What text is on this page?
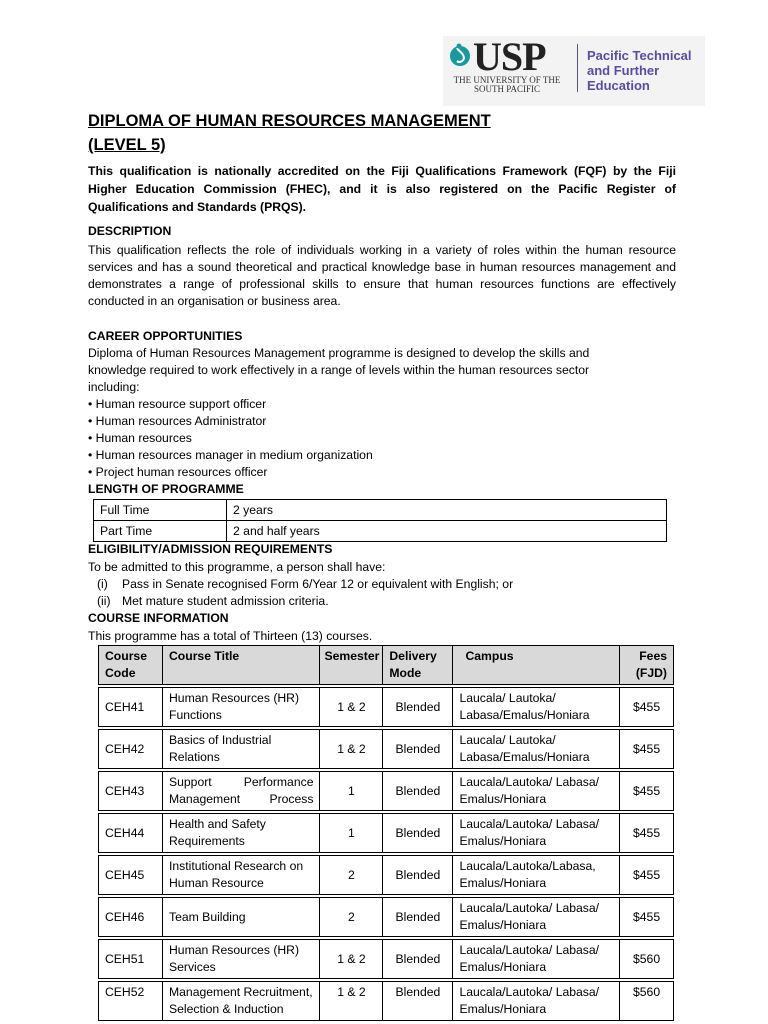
USP
THE UNIVERSITY OF THE SOUTH PACIFIC
Pacific Technical and Further Education
DIPLOMA OF HUMAN RESOURCES MANAGEMENT
(LEVEL 5)
This qualification is nationally accredited on the Fiji Qualifications Framework (FQF) by the Fiji Higher Education Commission (FHEC), and it is also registered on the Pacific Register of Qualifications and Standards (PRQS).
DESCRIPTION
This qualification reflects the role of individuals working in a variety of roles within the human resource services and has a sound theoretical and practical knowledge base in human resources management and demonstrates a range of professional skills to ensure that human resources functions are effectively conducted in an organisation or business area.
CAREER OPPORTUNITIES
Diploma of Human Resources Management programme is designed to develop the skills and knowledge required to work effectively in a range of levels within the human resources sector including:
• Human resource support officer
• Human resources Administrator
• Human resources
• Human resources manager in medium organization
• Project human resources officer
LENGTH OF PROGRAMME
Full Time	2 years
Part Time	2 and half years
ELIGIBILITY/ADMISSION REQUIREMENTS
To be admitted to this programme, a person shall have:
(i) Pass in Senate recognised Form 6/Year 12 or equivalent with English; or
(ii) Met mature student admission criteria.
COURSE INFORMATION
This programme has a total of Thirteen (13) courses.
Course Code	Course Title	Semester	Delivery Mode	Campus	Fees (FJD)

CEH41	Human Resources (HR) Functions	1 & 2	Blended	Laucala/ Lautoka/ Labasa/Emalus/Honiara	$455

CEH42	Basics of Industrial Relations	1 & 2	Blended	Laucala/ Lautoka/ Labasa/Emalus/Honiara	$455

CEH43	Support Performance Management Process	1	Blended	Laucala/Lautoka/ Labasa/ Emalus/Honiara	$455

CEH44	Health and Safety Requirements	1	Blended	Laucala/Lautoka/ Labasa/ Emalus/Honiara	$455

CEH45	Institutional Research on Human Resource	2	Blended	Laucala/Lautoka/Labasa, Emalus/Honiara	$455

CEH46	Team Building	2	Blended	Laucala/Lautoka/ Labasa/ Emalus/Honiara	$455

CEH51	Human Resources (HR) Services	1 & 2	Blended	Laucala/Lautoka/ Labasa/ Emalus/Honiara	$560

CEH52	Management Recruitment, Selection & Induction	1 & 2	Blended	Laucala/Lautoka/ Labasa/ Emalus/Honiara	$560
